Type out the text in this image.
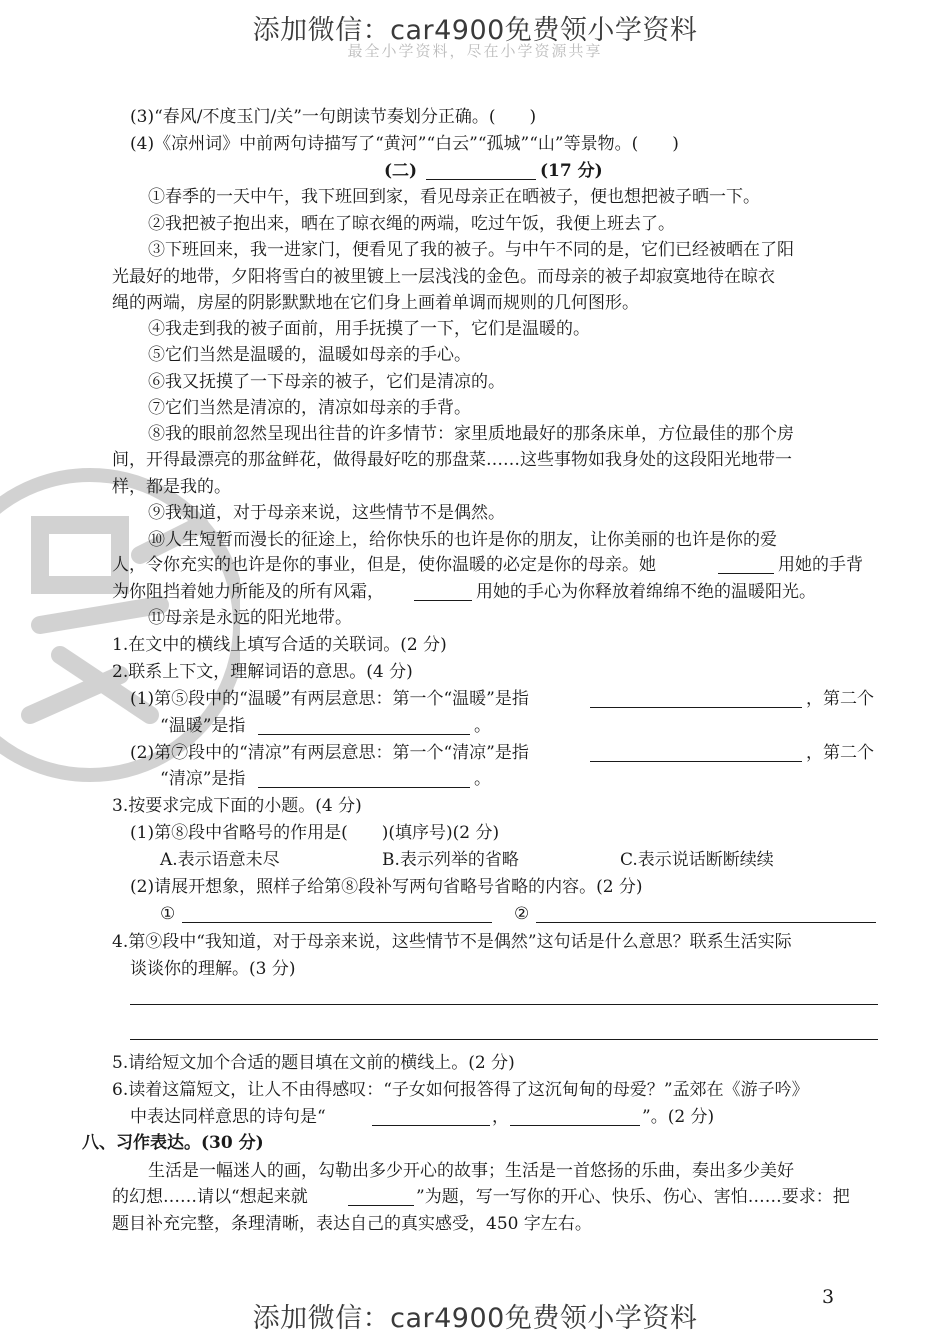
添加微信：car4900免费领小学资料
最全小学资料，尽在小学资源共享
(3)“春风/不度玉门/关”一句朗读节奏划分正确。(　　)
(4)《凉州词》中前两句诗描写了“黄河”“白云”“孤城”“山”等景物。(　　)
(二)	(17 分)
①春季的一天中午，我下班回到家，看见母亲正在晒被子，便也想把被子晒一下。
②我把被子抱出来，晒在了晾衣绳的两端，吃过午饭，我便上班去了。
③下班回来，我一进家门，便看见了我的被子。与中午不同的是，它们已经被晒在了阳
光最好的地带，夕阳将雪白的被里镀上一层浅浅的金色。而母亲的被子却寂寞地待在晾衣
绳的两端，房屋的阴影默默地在它们身上画着单调而规则的几何图形。
④我走到我的被子面前，用手抚摸了一下，它们是温暖的。
⑤它们当然是温暖的，温暖如母亲的手心。
⑥我又抚摸了一下母亲的被子，它们是清凉的。
⑦它们当然是清凉的，清凉如母亲的手背。
⑧我的眼前忽然呈现出往昔的许多情节：家里质地最好的那条床单，方位最佳的那个房
间，开得最漂亮的那盆鲜花，做得最好吃的那盘菜……这些事物如我身处的这段阳光地带一
样，都是我的。
⑨我知道，对于母亲来说，这些情节不是偶然。
⑩人生短暂而漫长的征途上，给你快乐的也许是你的朋友，让你美丽的也许是你的爱
人，令你充实的也许是你的事业，但是，使你温暖的必定是你的母亲。她	用她的手背
为你阻挡着她力所能及的所有风霜，	用她的手心为你释放着绵绵不绝的温暖阳光。
⑪母亲是永远的阳光地带。
1.在文中的横线上填写合适的关联词。(2 分)
2.联系上下文，理解词语的意思。(4 分)
(1)第⑤段中的“温暖”有两层意思：第一个“温暖”是指	，第二个
“温暖”是指	。
(2)第⑦段中的“清凉”有两层意思：第一个“清凉”是指	，第二个
“清凉”是指	。
3.按要求完成下面的小题。(4 分)
(1)第⑧段中省略号的作用是(　　)(填序号)(2 分)
A.表示语意未尽	B.表示列举的省略	C.表示说话断断续续
(2)请展开想象，照样子给第⑧段补写两句省略号省略的内容。(2 分)
①	②
4.第⑨段中“我知道，对于母亲来说，这些情节不是偶然”这句话是什么意思？联系生活实际
谈谈你的理解。(3 分)
5.请给短文加个合适的题目填在文前的横线上。(2 分)
6.读着这篇短文，让人不由得感叹：“子女如何报答得了这沉甸甸的母爱？”孟郊在《游子吟》
中表达同样意思的诗句是“	，	”。(2 分)
八、习作表达。(30 分)
生活是一幅迷人的画，勾勒出多少开心的故事；生活是一首悠扬的乐曲，奏出多少美好
的幻想……请以“想起来就	”为题，写一写你的开心、快乐、伤心、害怕……要求：把
题目补充完整，条理清晰，表达自己的真实感受，450 字左右。
3
添加微信：car4900免费领小学资料
